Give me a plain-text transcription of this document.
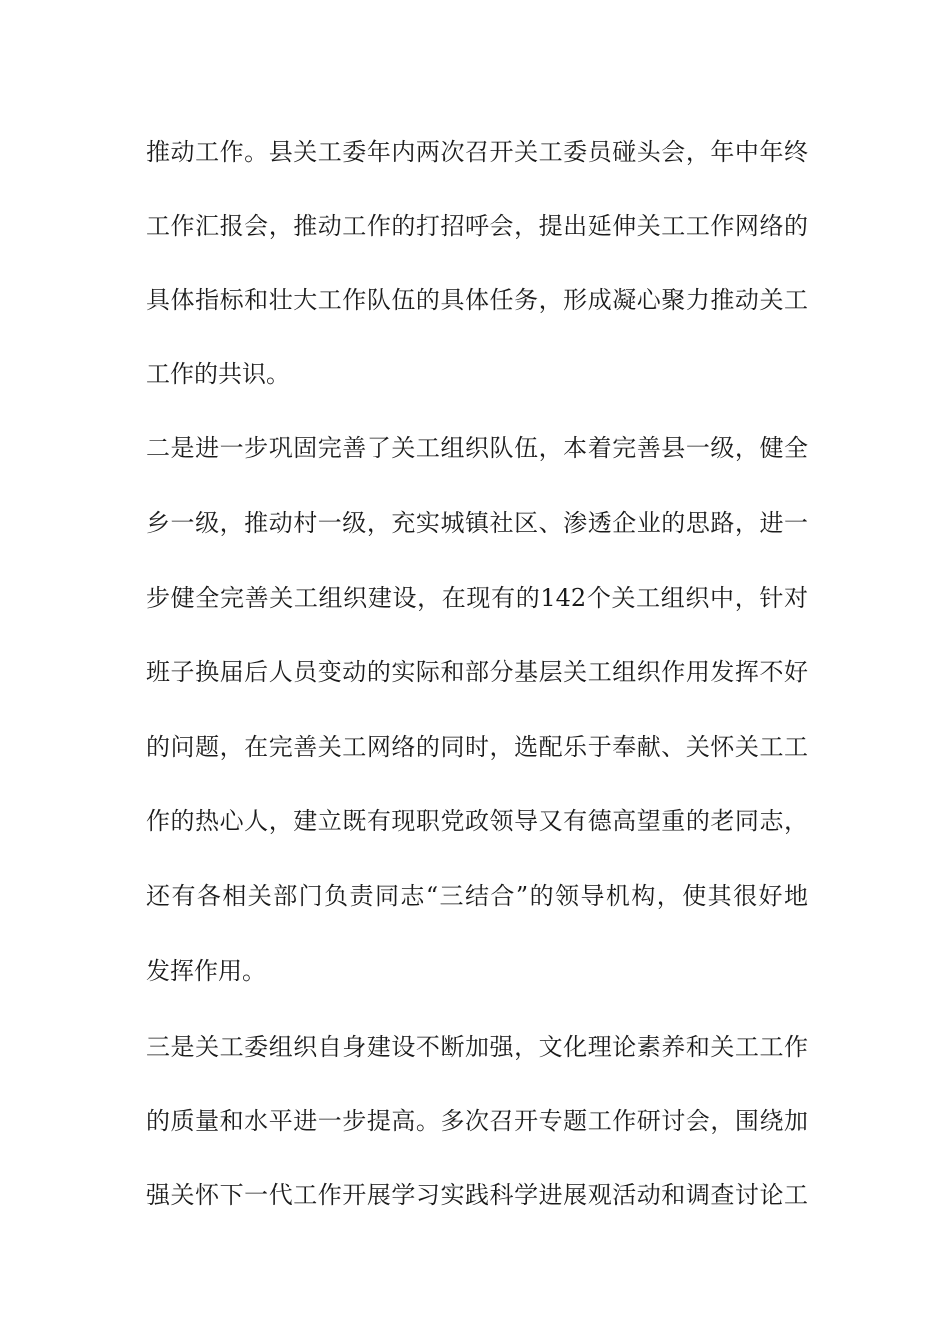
推动工作。县关工委年内两次召开关工委员碰头会，年中年终
工作汇报会，推动工作的打招呼会，提出延伸关工工作网络的
具体指标和壮大工作队伍的具体任务，形成凝心聚力推动关工
工作的共识。
二是进一步巩固完善了关工组织队伍，本着完善县一级，健全
乡一级，推动村一级，充实城镇社区、渗透企业的思路，进一
步健全完善关工组织建设，在现有的142个关工组织中，针对
班子换届后人员变动的实际和部分基层关工组织作用发挥不好
的问题，在完善关工网络的同时，选配乐于奉献、关怀关工工
作的热心人，建立既有现职党政领导又有德高望重的老同志，
还有各相关部门负责同志“三结合”的领导机构，使其很好地
发挥作用。
三是关工委组织自身建设不断加强，文化理论素养和关工工作
的质量和水平进一步提高。多次召开专题工作研讨会，围绕加
强关怀下一代工作开展学习实践科学进展观活动和调查讨论工
